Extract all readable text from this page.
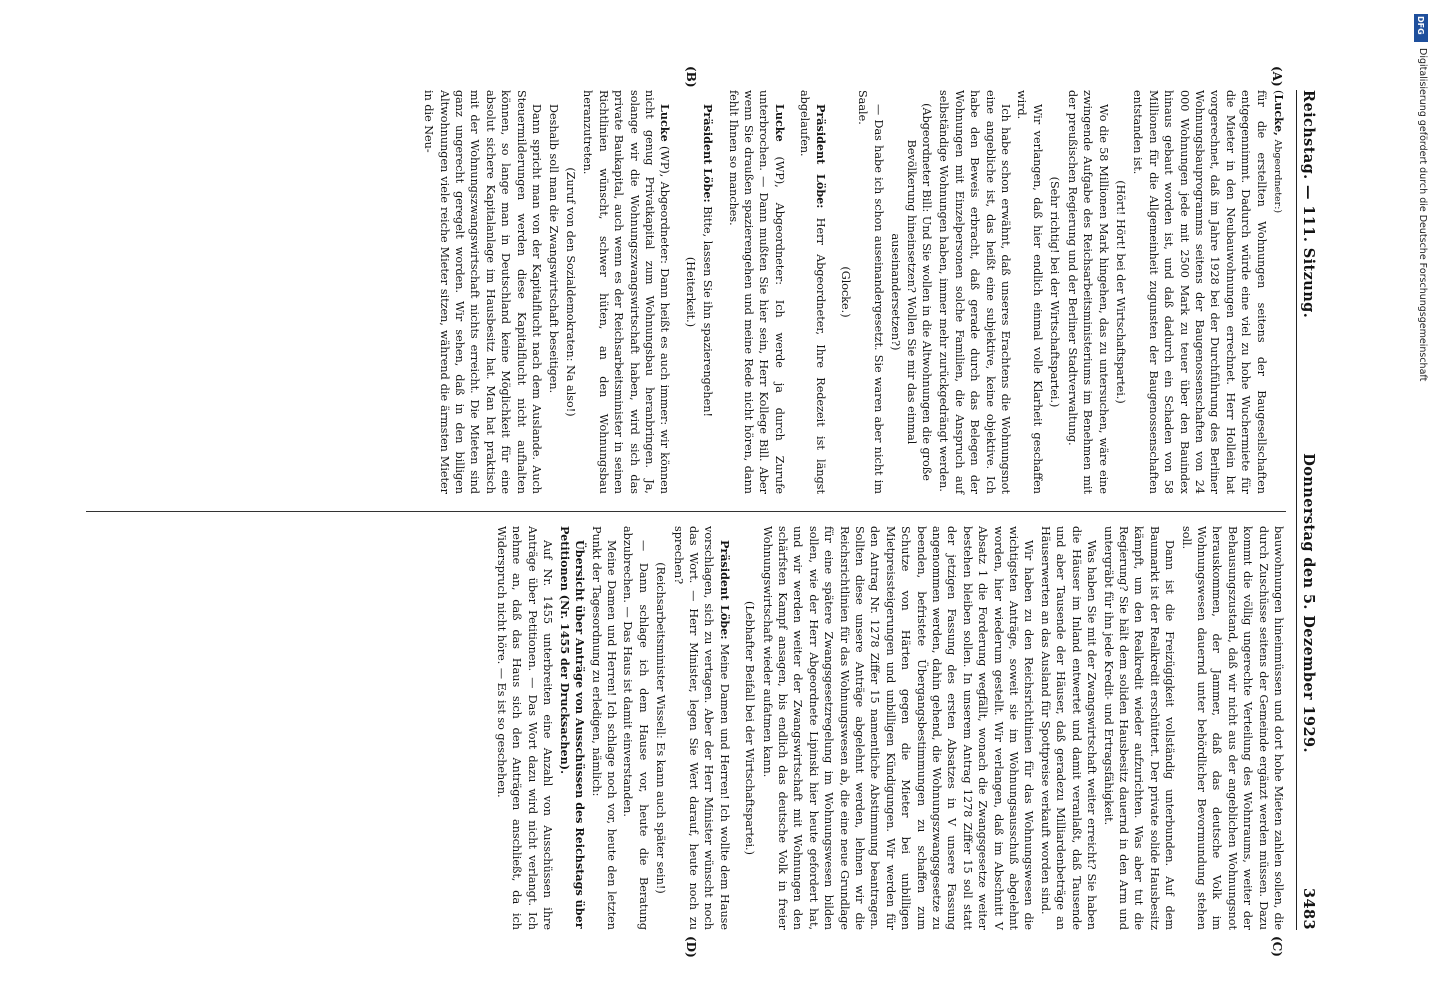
Reichstag. — 111. Sitzung.
Donnerstag den 5. Dezember 1929.
3483
(A)
(B)
(C)
(D)

(Lucke, Abgeordneter:)

für die erstellten Wohnungen seitens der Baugesellschaften entgegennimmt. Dadurch würde eine viel zu hohe Wuchermiete für die Mieter in den Neubauwohnungen errechnet. Herr Hollein hat vorgerechnet, daß im Jahre 1928 bei der Durchführung des Berliner Wohnungsbauprogramms seitens der Baugenossenschaften von 24 000 Wohnungen jede mit 2500 Mark zu teuer über den Bauindex hinaus gebaut worden ist, und daß dadurch ein Schaden von 58 Millionen für die Allgemeinheit zugunsten der Baugenossenschaften entstanden ist.

(Hört! Hört! bei der Wirtschaftspartei.)

Wo die 58 Millionen Mark hingehen, das zu untersuchen, wäre eine zwingende Aufgabe des Reichsarbeitsministeriums im Benehmen mit der preußischen Regierung und der Berliner Stadtverwaltung.

(Sehr richtig! bei der Wirtschaftspartei.)

Wir verlangen, daß hier endlich einmal volle Klarheit geschaffen wird.

Ich habe schon erwähnt, daß unseres Erachtens die Wohnungsnot eine angebliche ist, das heißt eine subjektive, keine objektive. Ich habe den Beweis erbracht, daß gerade durch das Belegen der Wohnungen mit Einzelpersonen solche Familien, die Anspruch auf selbständige Wohnungen haben, immer mehr zurückgedrängt werden.

(Abgeordneter Bill: Und Sie wollen in die Altwohnungen die große Bevölkerung hineinsetzen? Wollen Sie mir das einmal auseinandersetzen?)

— Das habe ich schon auseinandergesetzt. Sie waren aber nicht im Saale.

(Glocke.)

Präsident Löbe: Herr Abgeordneter, Ihre Redezeit ist längst abgelaufen.

Lucke (WP), Abgeordneter: Ich werde ja durch Zurufe unterbrochen. — Dann mußten Sie hier sein, Herr Kollege Bill. Aber wenn Sie draußen spazierengehen und meine Rede nicht hören, dann fehlt Ihnen so manches.

Präsident Löbe: Bitte, lassen Sie ihn spazierengehen!

(Heiterkeit.)

Lucke (WP), Abgeordneter: Dann heißt es auch immer: wir können nicht genug Privatkapital zum Wohnungsbau heranbringen. Ja, solange wir die Wohnungszwangswirtschaft haben, wird sich das private Baukapital, auch wenn es der Reichsarbeitsminister in seinen Richtlinien wünscht, schwer hüten, an den Wohnungsbau heranzutreten.

(Zuruf von den Sozialdemokraten: Na also!)

Deshalb soll man die Zwangswirtschaft beseitigen.

Dann spricht man von der Kapitalflucht nach dem Auslande. Auch Steuermilderungen werden diese Kapitalflucht nicht aufhalten können, so lange man in Deutschland keine Möglichkeit für eine absolut sichere Kapitalanlage im Hausbesitz hat. Man hat praktisch mit der Wohnungszwangswirtschaft nichts erreicht. Die Mieten sind ganz ungerecht geregelt worden. Wir sehen, daß in den billigen Altwohnungen viele reiche Mieter sitzen, während die ärmsten Mieter in die Neu-

bauwohnungen hineinmüssen und dort hohe Mieten zahlen sollen, die durch Zuschüsse seitens der Gemeinde ergänzt werden müssen. Dazu kommt die völlig ungerechte Verteilung des Wohnraums, weiter der Behausungszustand, daß wir nicht aus der angeblichen Wohnungsnot herauskommen, der Jammer, daß das deutsche Volk im Wohnungswesen dauernd unter behördlicher Bevormundung stehen soll.

Dann ist die Freizügigkeit vollständig unterbunden. Auf dem Baumarkt ist der Realkredit erschüttert. Der private solide Hausbesitz kämpft, um den Realkredit wieder aufzurichten. Was aber tut die Regierung? Sie hält dem soliden Hausbesitz dauernd in den Arm und untergräbt für ihn jede Kredit- und Ertragsfähigkeit.

Was haben Sie mit der Zwangswirtschaft weiter erreicht? Sie haben die Häuser im Inland entwertet und damit veranlaßt, daß Tausende und aber Tausende der Häuser, daß geradezu Milliardenbeträge an Häuserwerten an das Ausland für Spottpreise verkauft worden sind.

Wir haben zu den Reichsrichtlinien für das Wohnungswesen die wichtigsten Anträge, soweit sie im Wohnungsausschuß abgelehnt worden, hier wiederum gestellt. Wir verlangen, daß im Abschnitt V Absatz 1 die Forderung wegfällt, wonach die Zwangsgesetze weiter bestehen bleiben sollen. In unserem Antrag 1278 Ziffer 15 soll statt der jetzigen Fassung des ersten Absatzes in V unsere Fassung angenommen werden, dahin gehend, die Wohnungszwangsgesetze zu beenden, befristete Übergangsbestimmungen zu schaffen zum Schutze von Härten gegen die Mieter bei unbilligen Mietpreissteigerungen und unbilligen Kündigungen. Wir werden für den Antrag Nr. 1278 Ziffer 15 namentliche Abstimmung beantragen. Sollten diese unsere Anträge abgelehnt werden, lehnen wir die Reichsrichtlinien für das Wohnungswesen ab, die eine neue Grundlage für eine spätere Zwangsgesetzregelung im Wohnungswesen bilden sollen, wie der Herr Abgeordnete Lipinski hier heute gefordert hat, und wir werden weiter der Zwangswirtschaft mit Wohnungen den schärfsten Kampf ansagen, bis endlich das deutsche Volk in freier Wohnungswirtschaft wieder aufatmen kann.

(Lebhafter Beifall bei der Wirtschaftspartei.)

Präsident Löbe: Meine Damen und Herren! Ich wollte dem Hause vorschlagen, sich zu vertagen. Aber der Herr Minister wünscht noch das Wort. — Herr Minister, legen Sie Wert darauf, heute noch zu sprechen?

(Reichsarbeitsminister Wissell: Es kann auch später sein!)

— Dann schlage ich dem Hause vor, heute die Beratung abzubrechen. — Das Haus ist damit einverstanden.

Meine Damen und Herren! Ich schlage noch vor, heute den letzten Punkt der Tagesordnung zu erledigen, nämlich:

Übersicht über Anträge von Ausschüssen des Reichstags über Petitionen (Nr. 1455 der Drucksachen).

Auf Nr. 1455 unterbreiten eine Anzahl von Ausschüssen ihre Anträge über Petitionen. — Das Wort dazu wird nicht verlangt. Ich nehme an, daß das Haus sich den Anträgen anschließt, da ich Widerspruch nicht höre. — Es ist so geschehen.

DFG
Digitalisierung gefördert durch die Deutsche Forschungsgemeinschaft
